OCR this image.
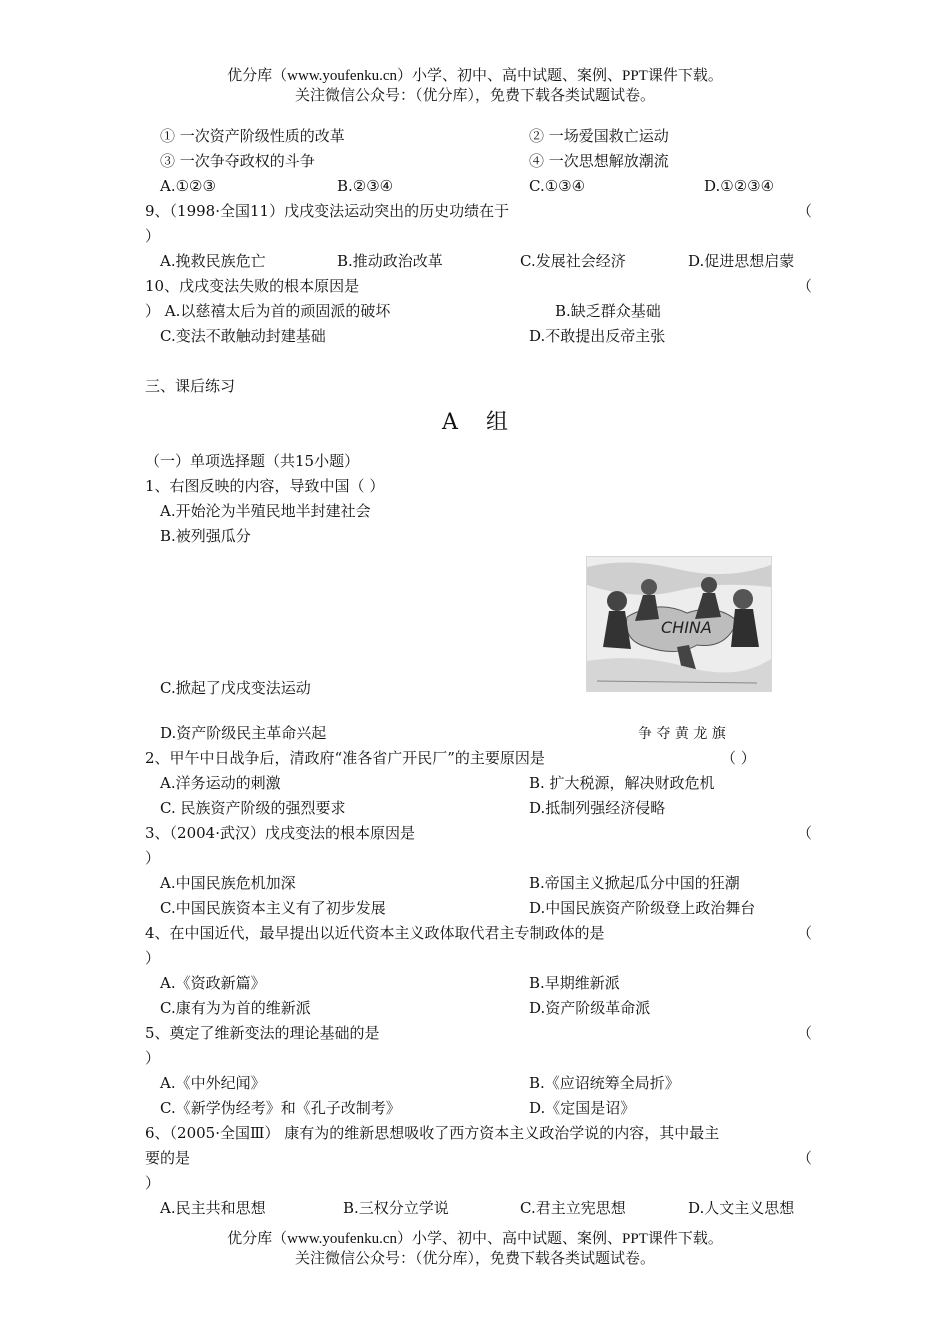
优分库（www.youfenku.cn）小学、初中、高中试题、案例、PPT课件下载。
关注微信公众号：（优分库），免费下载各类试题试卷。
① 一次资产阶级性质的改革	② 一场爱国救亡运动
③ 一次争夺政权的斗争	④ 一次思想解放潮流
A.①②③	B.②③④	C.①③④	D.①②③④
9、（1998·全国11）戊戌变法运动突出的历史功绩在于	（
）
A.挽救民族危亡	B.推动政治改革	C.发展社会经济	D.促进思想启蒙
10、戊戌变法失败的根本原因是	（
） A.以慈禧太后为首的顽固派的破坏	B.缺乏群众基础
C.变法不敢触动封建基础	D.不敢提出反帝主张
三、课后练习
A 组
（一）单项选择题（共15小题）
1、右图反映的内容，导致中国（ ）
A.开始沦为半殖民地半封建社会
B.被列强瓜分
CHINA
C.掀起了戊戌变法运动
D.资产阶级民主革命兴起	争 夺 黄 龙 旗
2、甲午中日战争后，清政府“准各省广开民厂”的主要原因是	（ ）
A.洋务运动的刺激	B. 扩大税源，解决财政危机
C. 民族资产阶级的强烈要求	D.抵制列强经济侵略
3、（2004·武汉）戊戌变法的根本原因是	（
）
A.中国民族危机加深	B.帝国主义掀起瓜分中国的狂潮
C.中国民族资本主义有了初步发展	D.中国民族资产阶级登上政治舞台
4、在中国近代，最早提出以近代资本主义政体取代君主专制政体的是	（
）
A.《资政新篇》	B.早期维新派
C.康有为为首的维新派	D.资产阶级革命派
5、奠定了维新变法的理论基础的是	（
）
A.《中外纪闻》	B.《应诏统筹全局折》
C.《新学伪经考》和《孔子改制考》	D.《定国是诏》
6、（2005·全国Ⅲ） 康有为的维新思想吸收了西方资本主义政治学说的内容，其中最主
要的是	（
）
A.民主共和思想	B.三权分立学说	C.君主立宪思想	D.人文主义思想
优分库（www.youfenku.cn）小学、初中、高中试题、案例、PPT课件下载。
关注微信公众号：（优分库），免费下载各类试题试卷。
